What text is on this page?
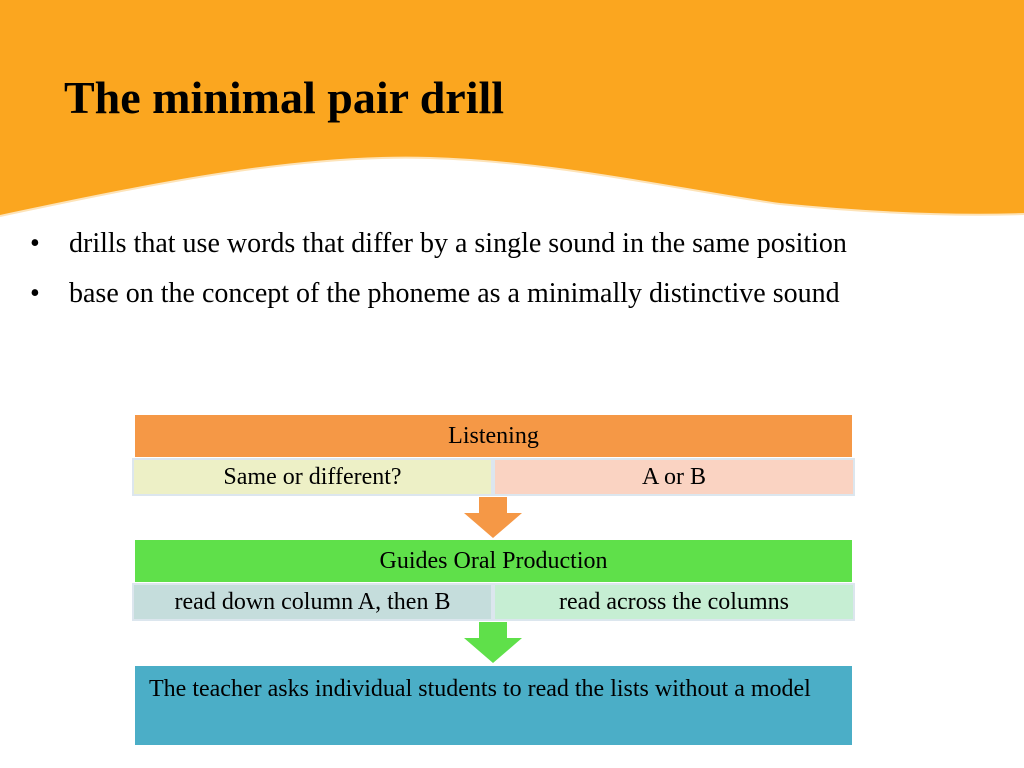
The minimal pair drill
•	drills that use words that differ by a single sound in the same position
•	base on the concept of the phoneme as a minimally distinctive sound
Listening
Same or different?	A or B
Guides Oral Production
read down column A, then B	read across the columns
The teacher asks individual students to read the lists without a model
